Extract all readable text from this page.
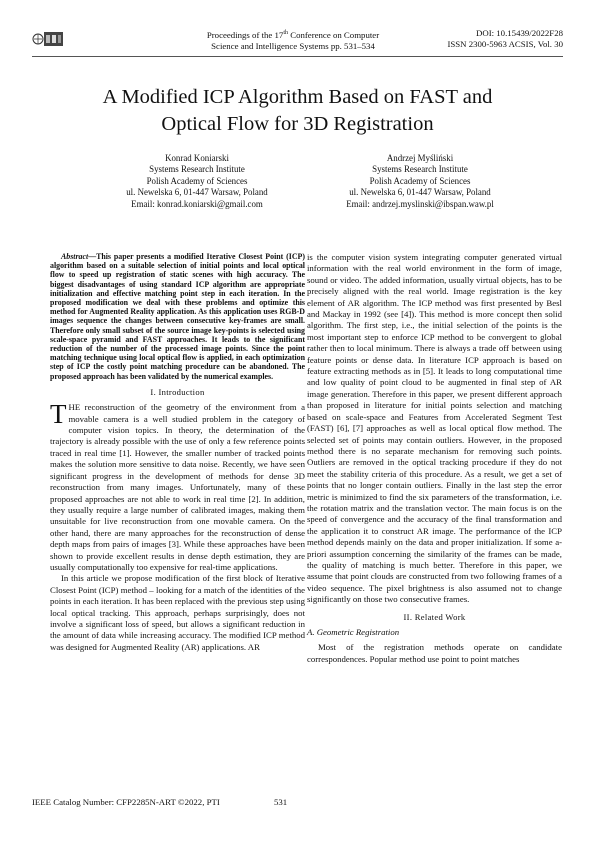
Proceedings of the 17th Conference on Computer
Science and Intelligence Systems pp. 531–534
DOI: 10.15439/2022F28
ISSN 2300-5963 ACSIS, Vol. 30
A Modified ICP Algorithm Based on FAST and
Optical Flow for 3D Registration
Konrad Koniarski
Systems Research Institute
Polish Academy of Sciences
ul. Newelska 6, 01-447 Warsaw, Poland
Email: konrad.koniarski@gmail.com
Andrzej Myśliński
Systems Research Institute
Polish Academy of Sciences
ul. Newelska 6, 01-447 Warsaw, Poland
Email: andrzej.myslinski@ibspan.waw.pl

Abstract—This paper presents a modified Iterative Closest Point (ICP) algorithm based on a suitable selection of initial points and local optical flow to speed up registration of static scenes with high accuracy. The biggest disadvantages of using standard ICP algorithm are appropriate initialization and effective matching point step in each iteration. In the proposed modification we deal with these problems and optimize this method for Augmented Reality application. As this application uses RGB-D images sequence the changes between consecutive key-frames are small. Therefore only small subset of the source image key-points is selected using scale-space pyramid and FAST approaches. It leads to the significant reduction of the number of the processed image points. Since the point matching technique using local optical flow is applied, in each optimization step of ICP the costly point matching procedure can be abandoned. The proposed approach has been validated by the numerical examples.

I. Introduction

THE reconstruction of the geometry of the environment from a movable camera is a well studied problem in the category of computer vision topics. In theory, the determination of the trajectory is already possible with the use of only a few reference points traced in real time [1]. However, the smaller number of tracked points makes the solution more sensitive to data noise. Recently, we have seen significant progress in the development of methods for dense 3D reconstruction from many images. Unfortunately, many of these proposed approaches are not able to work in real time [2]. In addition, they usually require a large number of calibrated images, making them unsuitable for live reconstruction from one movable camera. On the other hand, there are many approaches for the reconstruction of dense depth maps from pairs of images [3]. While these approaches have been shown to provide excellent results in dense depth estimation, they are usually computationally too expensive for real-time applications.

In this article we propose modification of the first block of Iterative Closest Point (ICP) method – looking for a match of the identities of the points in each iteration. It has been replaced with the previous step using local optical tracking. This approach, perhaps surprisingly, does not involve a significant loss of speed, but allows a significant reduction in the amount of data while increasing accuracy. The modified ICP method was designed for Augmented Reality (AR) applications. AR

is the computer vision system integrating computer generated virtual information with the real world environment in the form of image, sound or video. The added information, usually virtual objects, has to be precisely aligned with the real world. Image registration is the key element of AR algorithm. The ICP method was first presented by Besl and Mackay in 1992 (see [4]). This method is more concept then solid algorithm. The first step, i.e., the initial selection of the points is the most important step to enforce ICP method to be convergent to global rather then to local minimum. There is always a trade off between using feature points or dense data. In literature ICP approach is based on feature extracting methods as in [5]. It leads to long computational time and low quality of point cloud to be augmented in final step of AR image generation. Therefore in this paper, we present different approach than proposed in literature for initial points selection and matching based on scale-space and Features from Accelerated Segment Test (FAST) [6], [7] approaches as well as local optical flow method. The selected set of points may contain outliers. However, in the proposed method there is no separate mechanism for removing such points. Outliers are removed in the optical tracking procedure if they do not meet the stability criteria of this procedure. As a result, we get a set of points that no longer contain outliers. Finally in the last step the error metric is minimized to find the six parameters of the transformation, i.e. the rotation matrix and the translation vector. The main focus is on the speed of convergence and the accuracy of the final transformation and the application it to construct AR image. The performance of the ICP method depends mainly on the data and proper initialization. If some a-priori assumption concerning the similarity of the frames can be made, the quality of matching is much better. Therefore in this paper, we assume that point clouds are constructed from two following frames of a video sequence. The pixel brightness is also assumed not to change significantly on those two consecutive frames.

II. Related Work
A. Geometric Registration

Most of the registration methods operate on candidate correspondences. Popular method use point to point matches

IEEE Catalog Number: CFP2285N-ART ©2022, PTI	531
